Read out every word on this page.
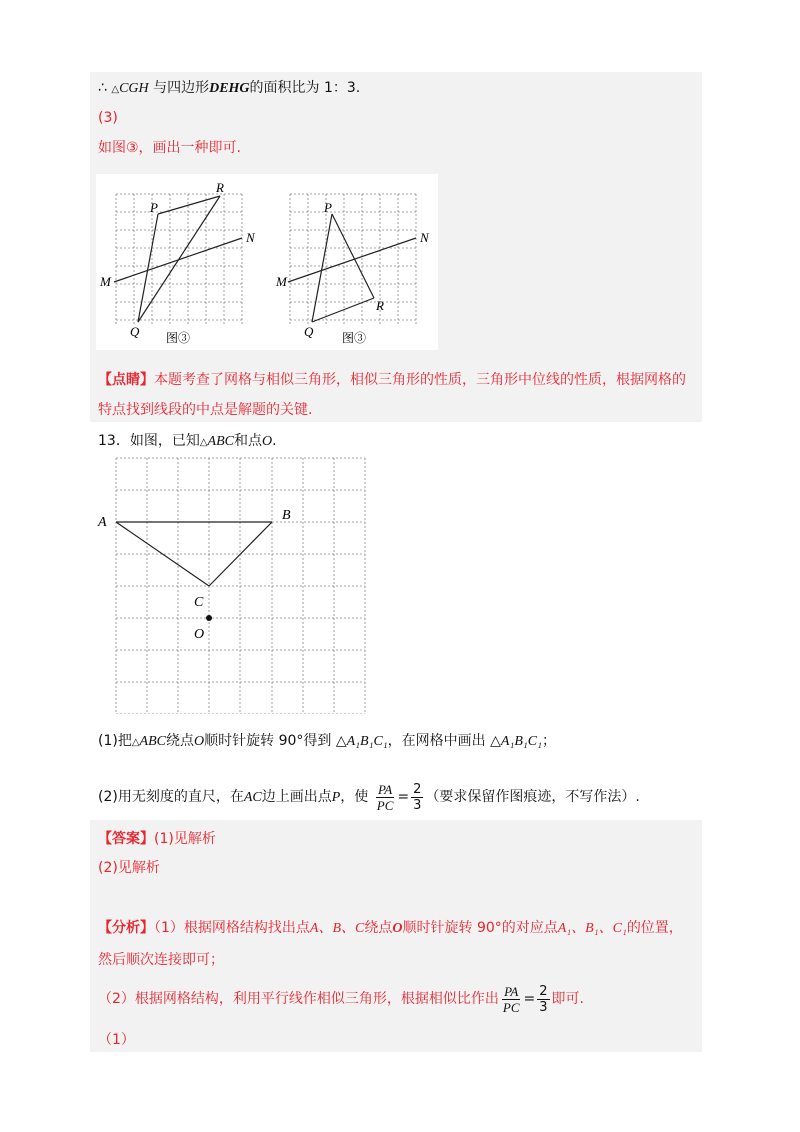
∴ △CGH 与四边形DEHG的面积比为 1：3.
(3)
如图③，画出一种即可.
P
R
N
M
Q 图③
P
R
N
M
Q 图③
【点睛】本题考查了网格与相似三角形，相似三角形的性质，三角形中位线的性质，根据网格的
特点找到线段的中点是解题的关键.
13．如图，已知△ABC和点O.
A	B
C
O
(1)把△ABC绕点O顺时针旋转 90°得到 △A₁B₁C₁，在网格中画出 △A₁B₁C₁；
(2)用无刻度的直尺，在AC边上画出点P，使 $\frac{PA}{PC} = \frac{2}{3}$ （要求保留作图痕迹，不写作法）.
【答案】(1)见解析
(2)见解析
【分析】（1）根据网格结构找出点A、B、C绕点O顺时针旋转 90°的对应点A₁、B₁、C₁的位置，
然后顺次连接即可；
（2）根据网格结构，利用平行线作相似三角形，根据相似比作出 $\frac{PA}{PC} = \frac{2}{3}$ 即可.
（1）
